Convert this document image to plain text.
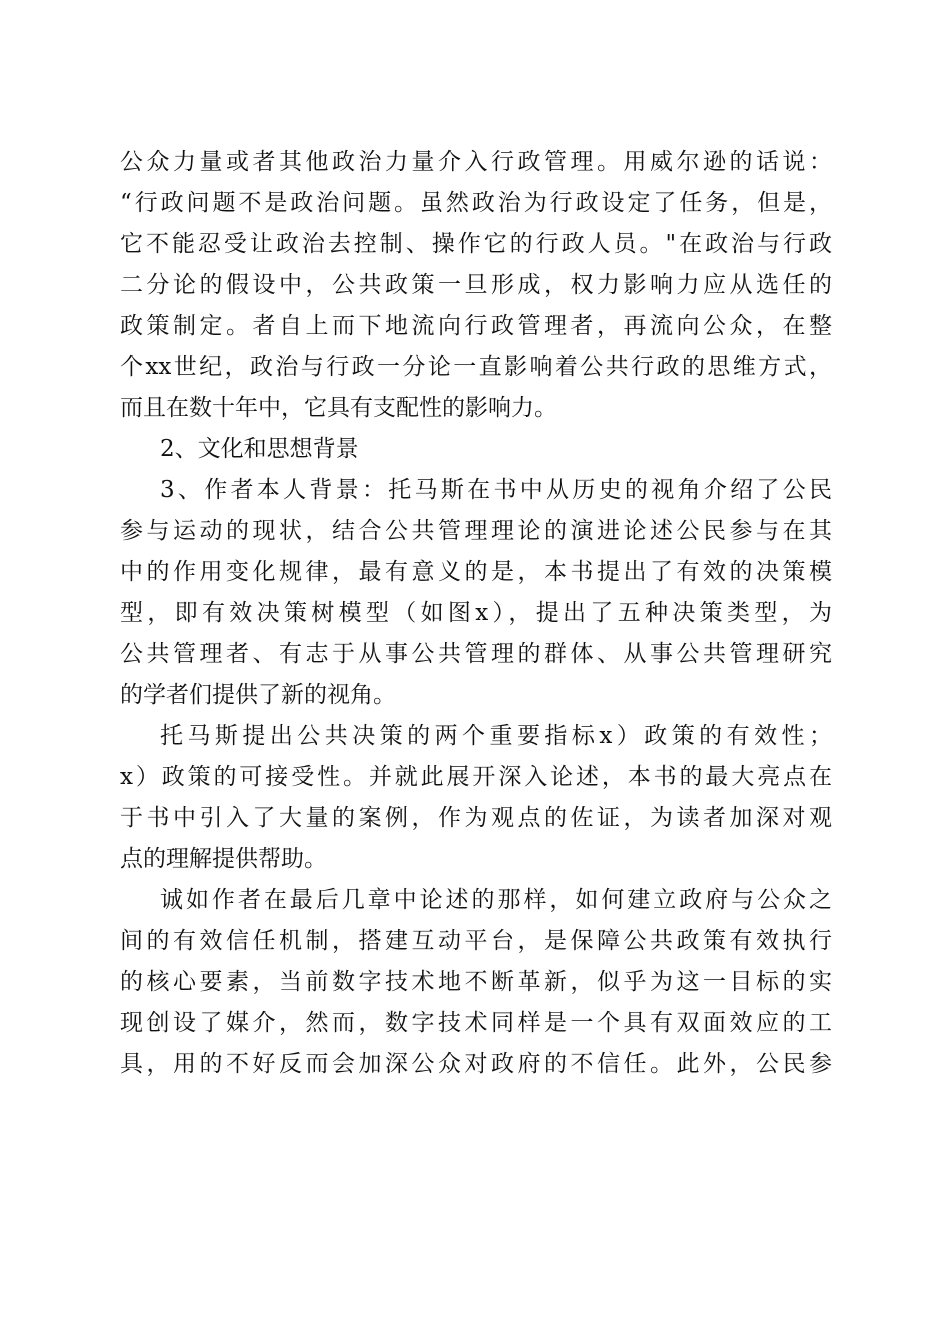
公众力量或者其他政治力量介入行政管理。用威尔逊的话说：
“行政问题不是政治问题。虽然政治为行政设定了任务，但是，
它不能忍受让政治去控制、操作它的行政人员。"在政治与行政
二分论的假设中，公共政策一旦形成，权力影响力应从选任的
政策制定。者自上而下地流向行政管理者，再流向公众，在整
个xx世纪，政治与行政一分论一直影响着公共行政的思维方式，
而且在数十年中，它具有支配性的影响力。
2、文化和思想背景
3、作者本人背景：托马斯在书中从历史的视角介绍了公民
参与运动的现状，结合公共管理理论的演进论述公民参与在其
中的作用变化规律，最有意义的是，本书提出了有效的决策模
型，即有效决策树模型（如图x），提出了五种决策类型，为
公共管理者、有志于从事公共管理的群体、从事公共管理研究
的学者们提供了新的视角。
托马斯提出公共决策的两个重要指标x）政策的有效性；
x）政策的可接受性。并就此展开深入论述，本书的最大亮点在
于书中引入了大量的案例，作为观点的佐证，为读者加深对观
点的理解提供帮助。
诚如作者在最后几章中论述的那样，如何建立政府与公众之
间的有效信任机制，搭建互动平台，是保障公共政策有效执行
的核心要素，当前数字技术地不断革新，似乎为这一目标的实
现创设了媒介，然而，数字技术同样是一个具有双面效应的工
具，用的不好反而会加深公众对政府的不信任。此外，公民参
